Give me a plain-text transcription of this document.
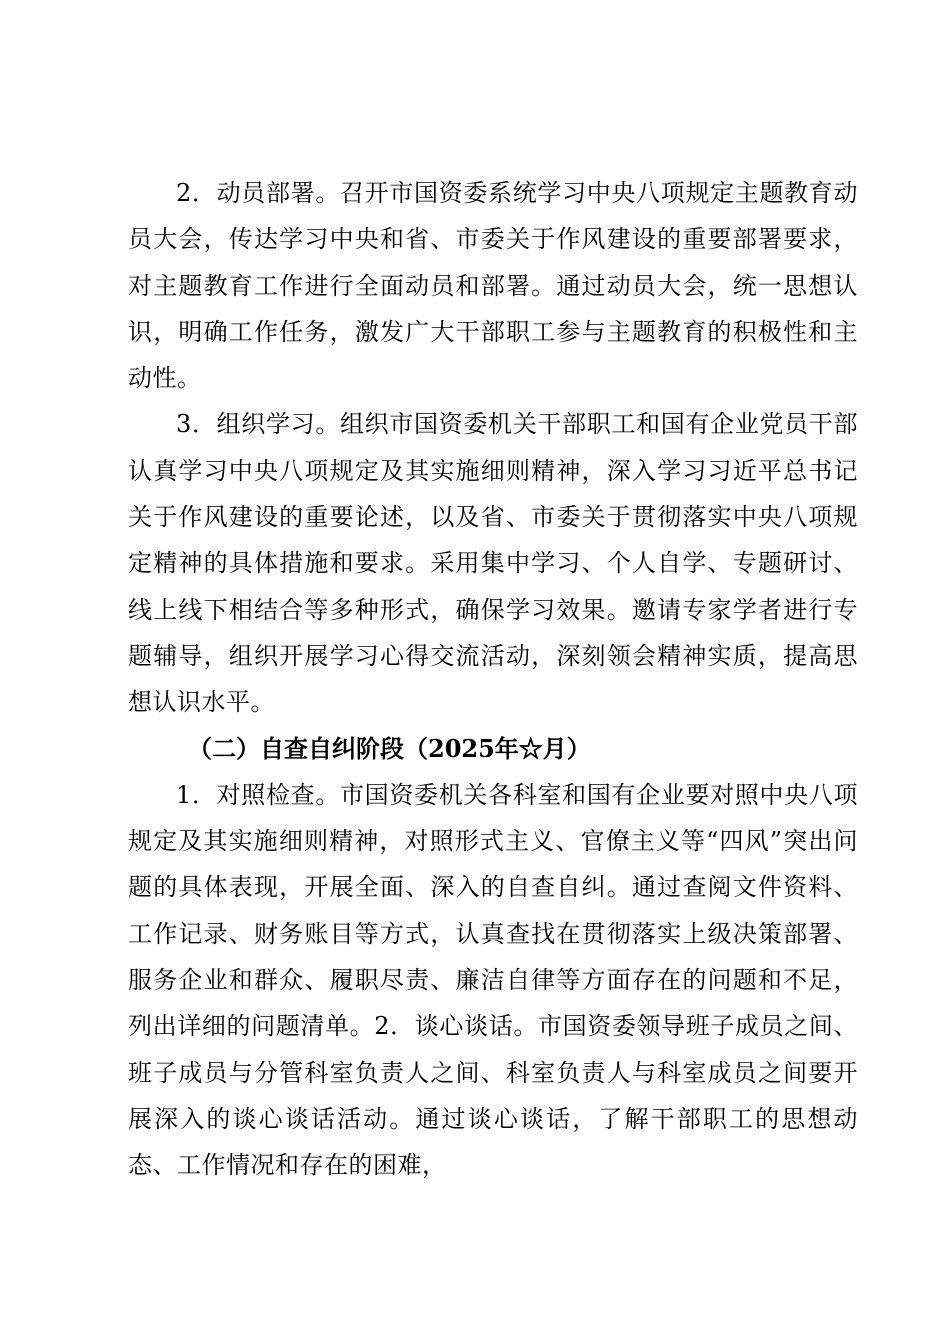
2．动员部署。召开市国资委系统学习中央八项规定主题教育动员大会，传达学习中央和省、市委关于作风建设的重要部署要求，对主题教育工作进行全面动员和部署。通过动员大会，统一思想认识，明确工作任务，激发广大干部职工参与主题教育的积极性和主动性。

3．组织学习。组织市国资委机关干部职工和国有企业党员干部认真学习中央八项规定及其实施细则精神，深入学习习近平总书记关于作风建设的重要论述，以及省、市委关于贯彻落实中央八项规定精神的具体措施和要求。采用集中学习、个人自学、专题研讨、线上线下相结合等多种形式，确保学习效果。邀请专家学者进行专题辅导，组织开展学习心得交流活动，深刻领会精神实质，提高思想认识水平。

（二）自查自纠阶段（2025年☆月）

1．对照检查。市国资委机关各科室和国有企业要对照中央八项规定及其实施细则精神，对照形式主义、官僚主义等“四风”突出问题的具体表现，开展全面、深入的自查自纠。通过查阅文件资料、工作记录、财务账目等方式，认真查找在贯彻落实上级决策部署、服务企业和群众、履职尽责、廉洁自律等方面存在的问题和不足，列出详细的问题清单。2．谈心谈话。市国资委领导班子成员之间、班子成员与分管科室负责人之间、科室负责人与科室成员之间要开展深入的谈心谈话活动。通过谈心谈话，了解干部职工的思想动态、工作情况和存在的困难，
